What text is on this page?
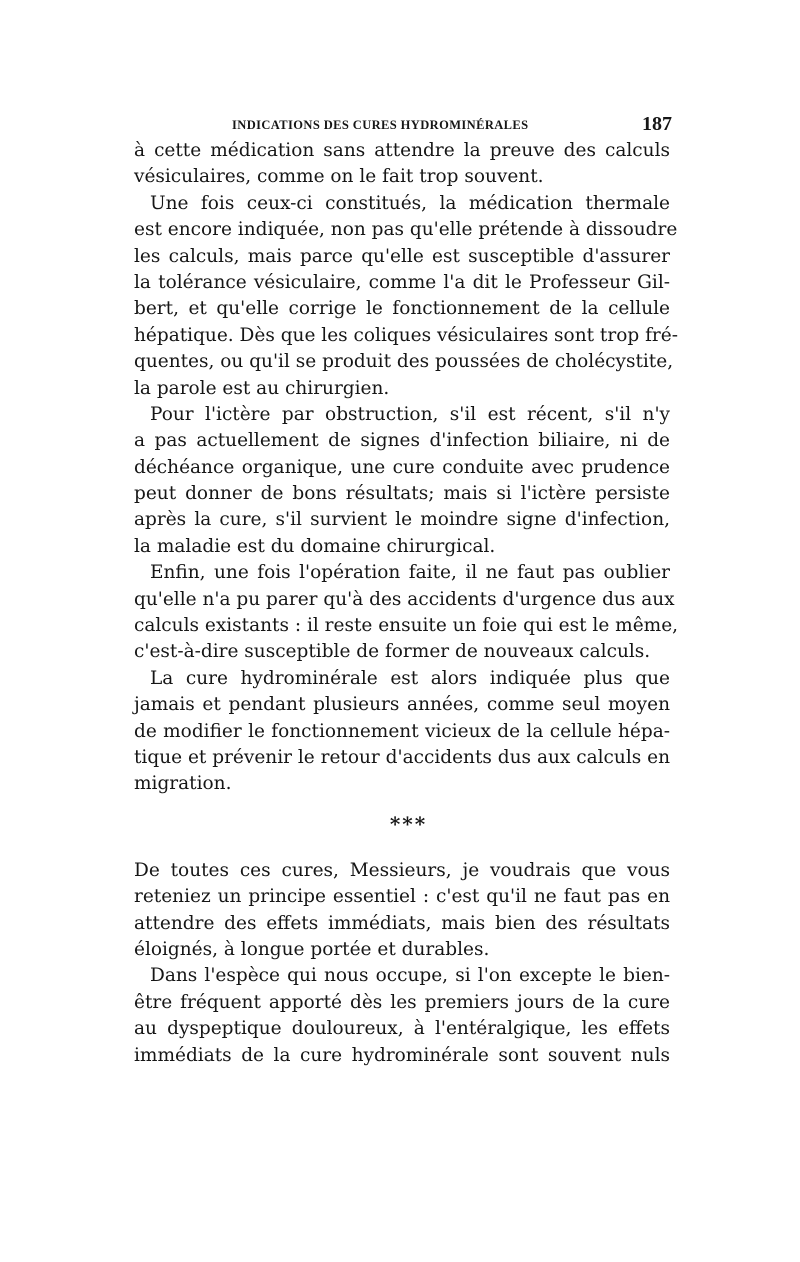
INDICATIONS DES CURES HYDROMINÉRALES	187
à cette médication sans attendre la preuve des calculs
vésiculaires, comme on le fait trop souvent.
Une fois ceux-ci constitués, la médication thermale
est encore indiquée, non pas qu'elle prétende à dissoudre
les calculs, mais parce qu'elle est susceptible d'assurer
la tolérance vésiculaire, comme l'a dit le Professeur Gil-
bert, et qu'elle corrige le fonctionnement de la cellule
hépatique. Dès que les coliques vésiculaires sont trop fré-
quentes, ou qu'il se produit des poussées de cholécystite,
la parole est au chirurgien.
Pour l'ictère par obstruction, s'il est récent, s'il n'y
a pas actuellement de signes d'infection biliaire, ni de
déchéance organique, une cure conduite avec prudence
peut donner de bons résultats; mais si l'ictère persiste
après la cure, s'il survient le moindre signe d'infection,
la maladie est du domaine chirurgical.
Enfin, une fois l'opération faite, il ne faut pas oublier
qu'elle n'a pu parer qu'à des accidents d'urgence dus aux
calculs existants : il reste ensuite un foie qui est le même,
c'est-à-dire susceptible de former de nouveaux calculs.
La cure hydrominérale est alors indiquée plus que
jamais et pendant plusieurs années, comme seul moyen
de modifier le fonctionnement vicieux de la cellule hépa-
tique et prévenir le retour d'accidents dus aux calculs en
migration.
* * *
De toutes ces cures, Messieurs, je voudrais que vous
reteniez un principe essentiel : c'est qu'il ne faut pas en
attendre des effets immédiats, mais bien des résultats
éloignés, à longue portée et durables.
Dans l'espèce qui nous occupe, si l'on excepte le bien-
être fréquent apporté dès les premiers jours de la cure
au dyspeptique douloureux, à l'entéralgique, les effets
immédiats de la cure hydrominérale sont souvent nuls
